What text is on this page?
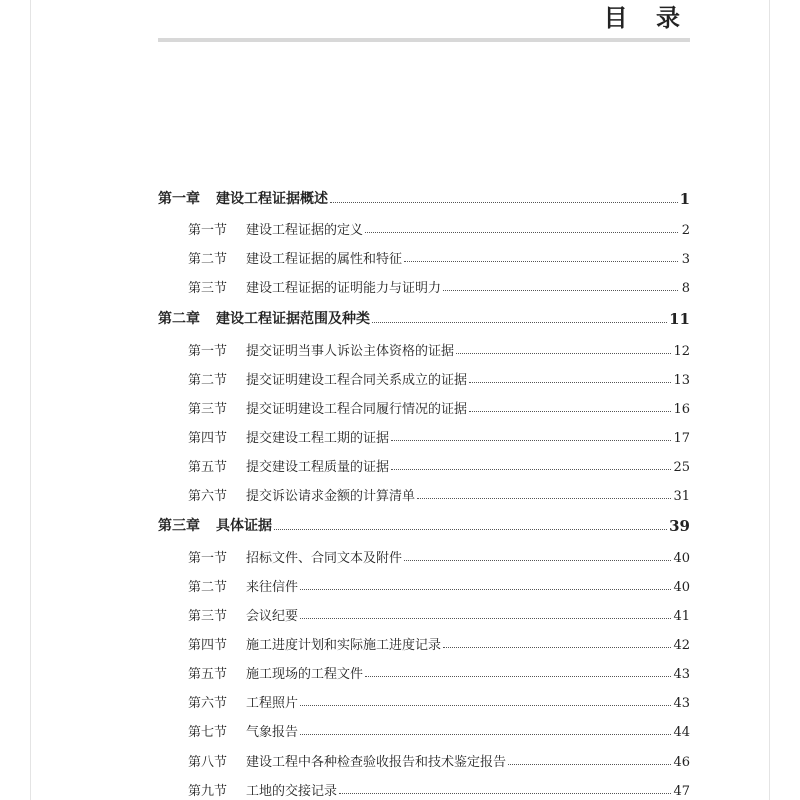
目 录
第一章	建设工程证据概述	1
第一节	建设工程证据的定义	2
第二节	建设工程证据的属性和特征	3
第三节	建设工程证据的证明能力与证明力	8
第二章	建设工程证据范围及种类	11
第一节	提交证明当事人诉讼主体资格的证据	12
第二节	提交证明建设工程合同关系成立的证据	13
第三节	提交证明建设工程合同履行情况的证据	16
第四节	提交建设工程工期的证据	17
第五节	提交建设工程质量的证据	25
第六节	提交诉讼请求金额的计算清单	31
第三章	具体证据	39
第一节	招标文件、合同文本及附件	40
第二节	来往信件	40
第三节	会议纪要	41
第四节	施工进度计划和实际施工进度记录	42
第五节	施工现场的工程文件	43
第六节	工程照片	43
第七节	气象报告	44
第八节	建设工程中各种检查验收报告和技术鉴定报告	46
第九节	工地的交接记录	47
